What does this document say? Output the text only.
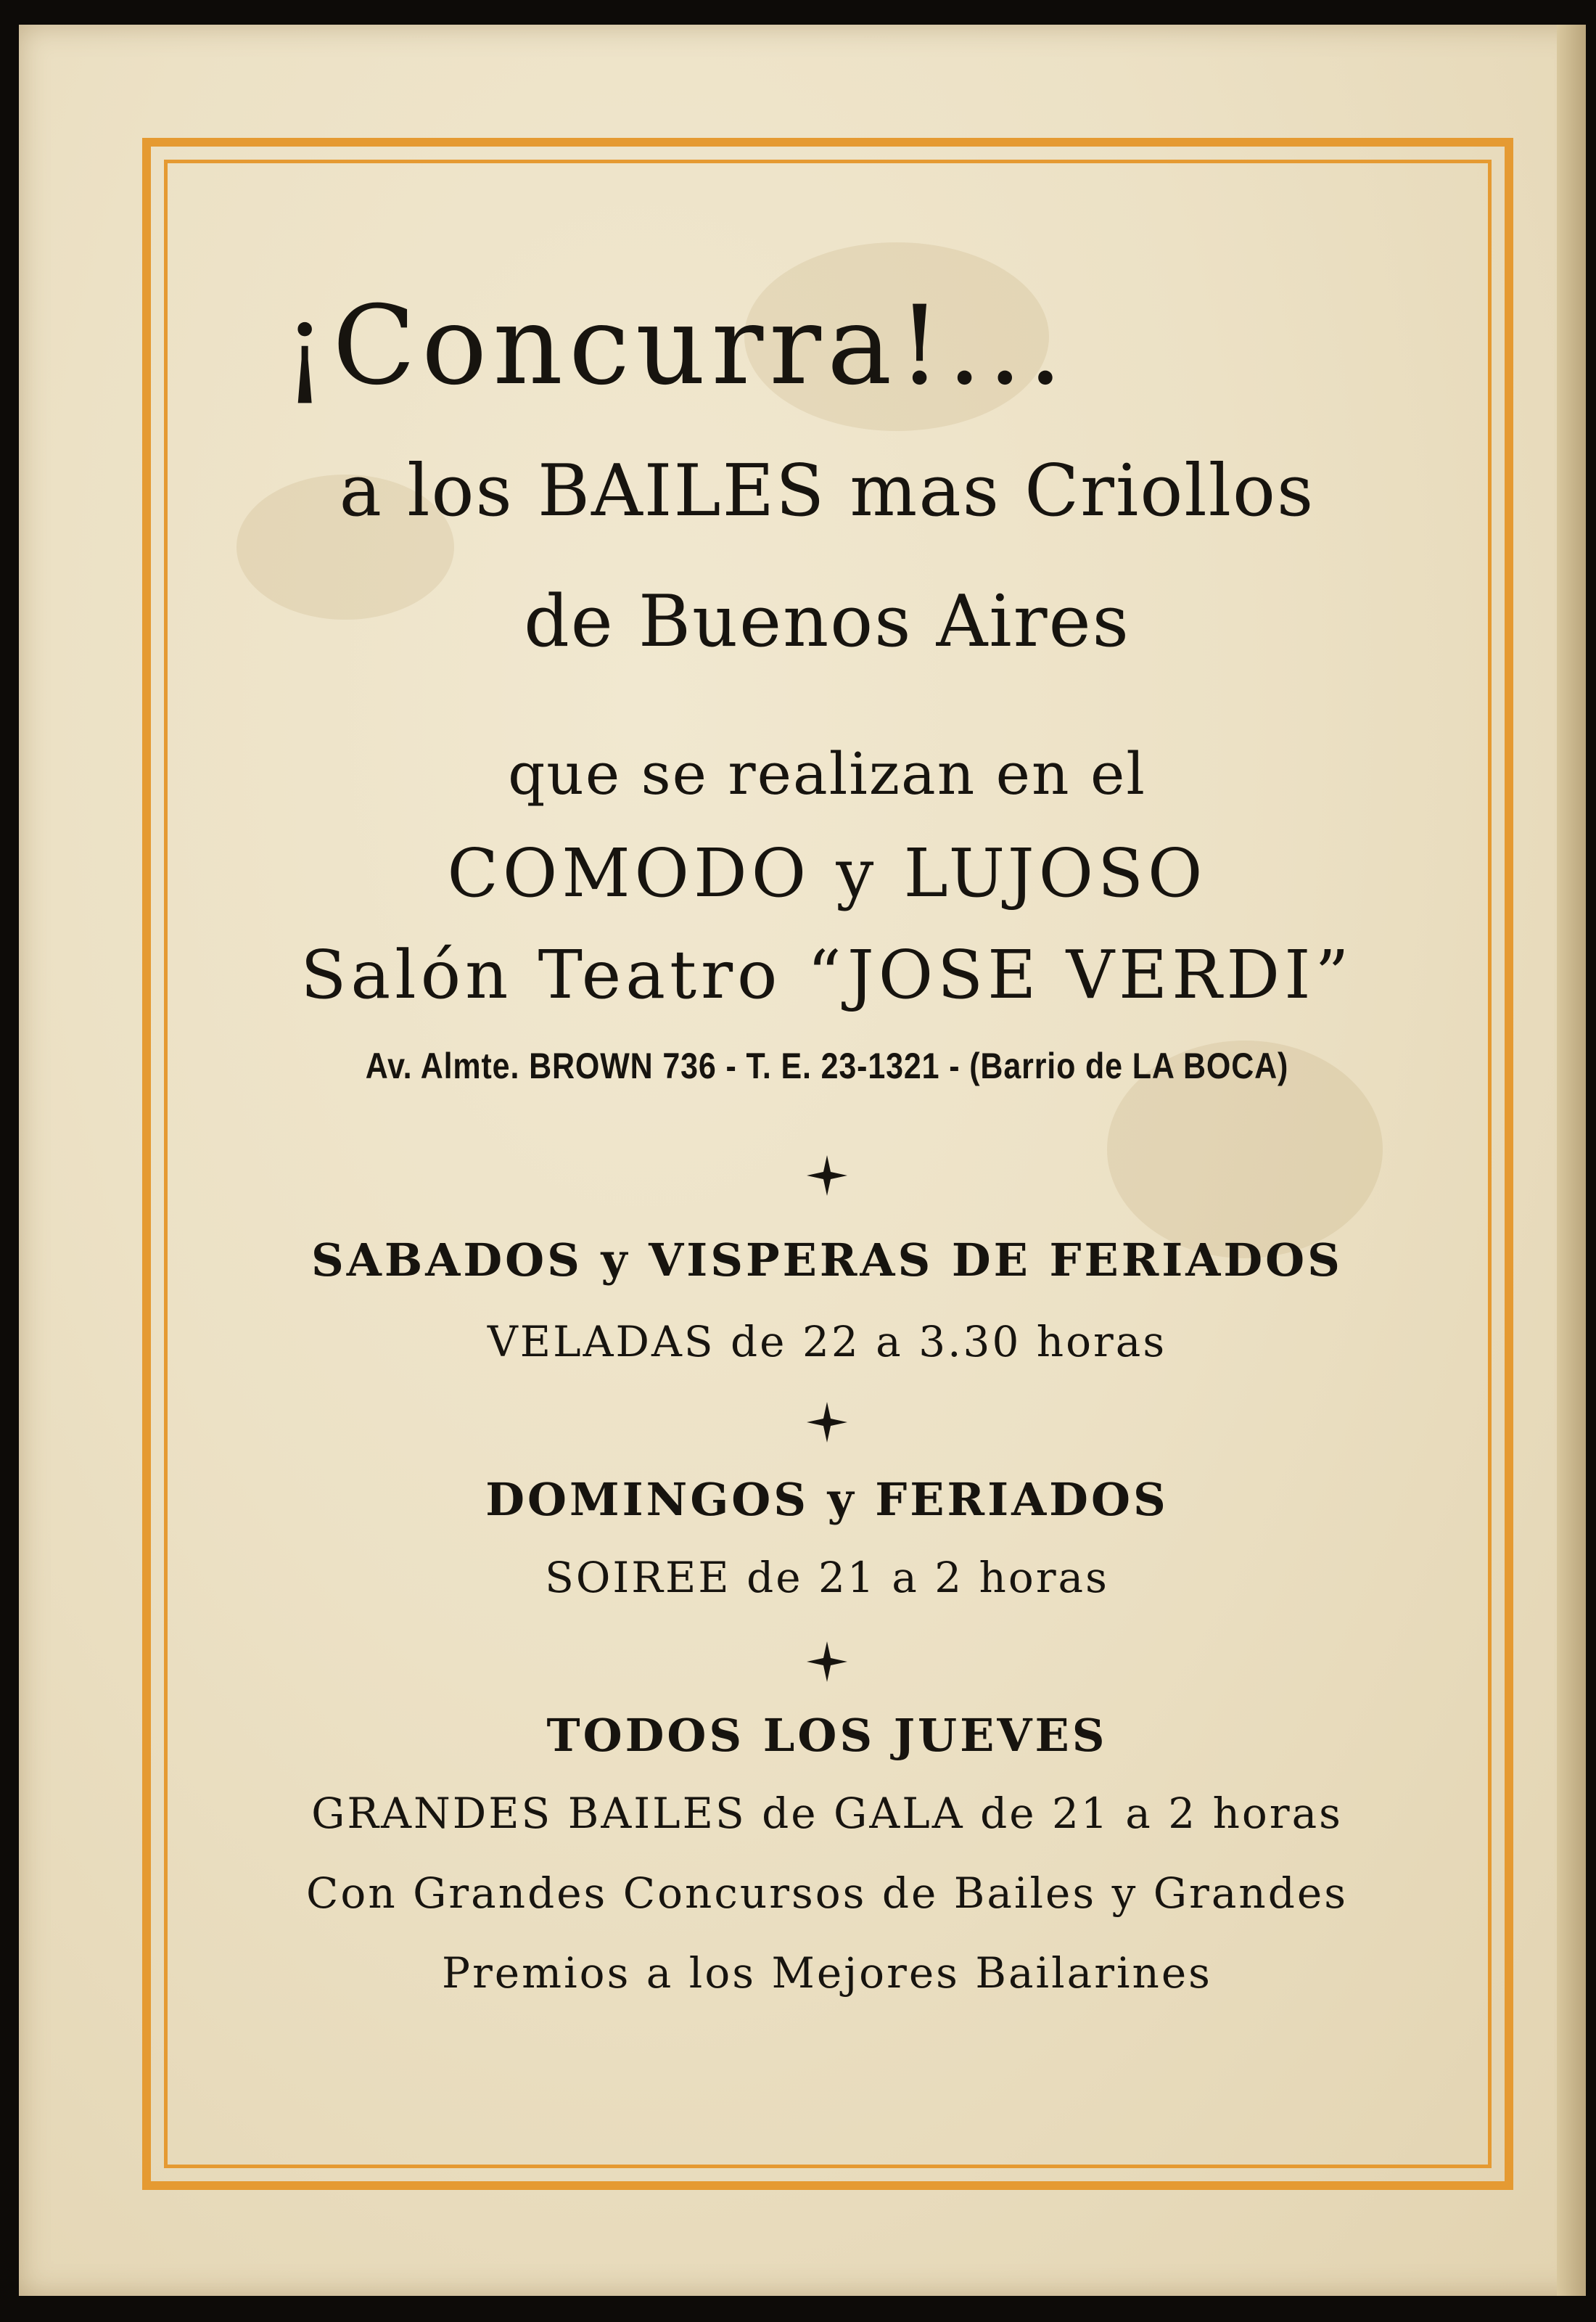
¡Concurra!...
a los BAILES mas Criollos
de Buenos Aires
que se realizan en el
COMODO y LUJOSO
Salón Teatro “JOSE VERDI”
Av. Almte. BROWN 736 - T. E. 23-1321 - (Barrio de LA BOCA)
SABADOS y VISPERAS DE FERIADOS
VELADAS de 22 a 3.30 horas
DOMINGOS y FERIADOS
SOIREE de 21 a 2 horas
TODOS LOS JUEVES
GRANDES BAILES de GALA de 21 a 2 horas
Con Grandes Concursos de Bailes y Grandes
Premios a los Mejores Bailarines
